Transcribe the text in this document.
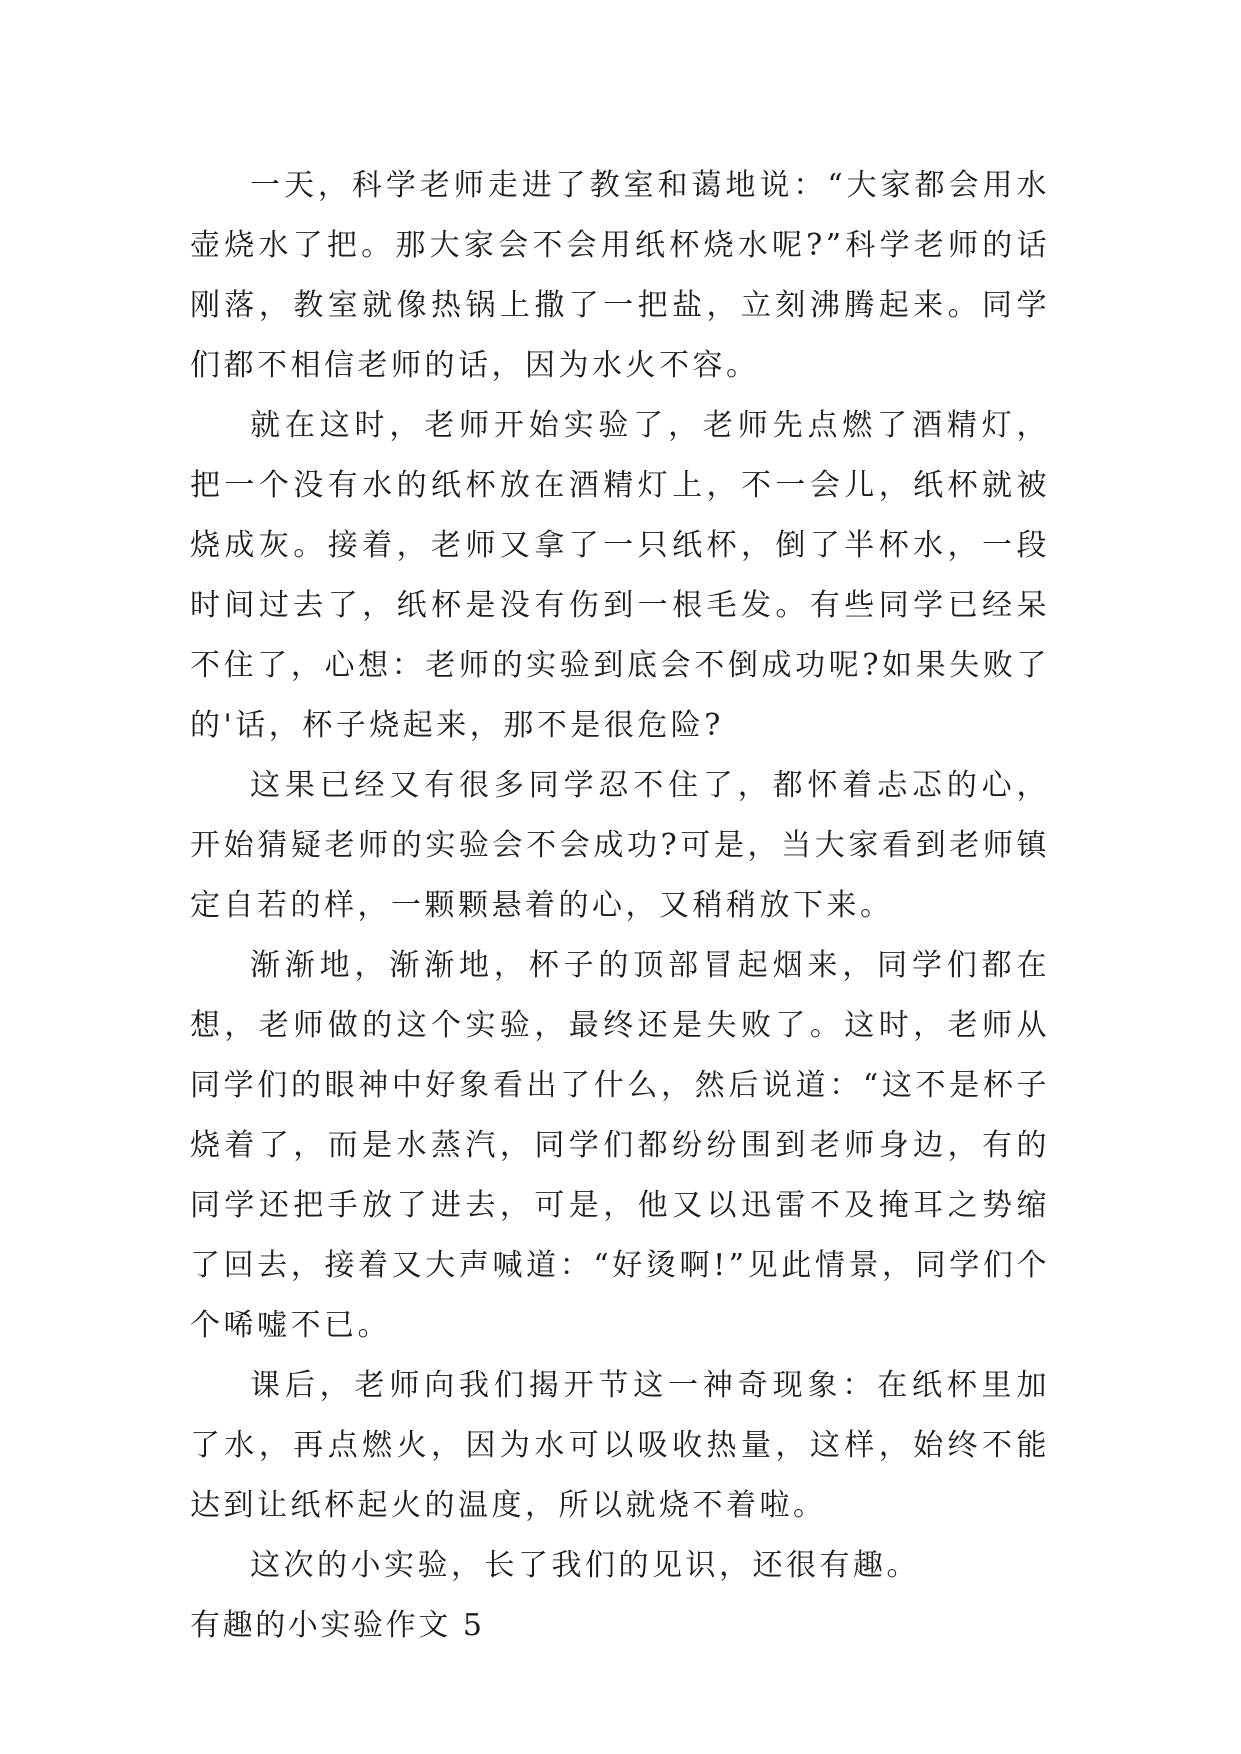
一天，科学老师走进了教室和蔼地说：“大家都会用水壶烧水了把。那大家会不会用纸杯烧水呢?”科学老师的话刚落，教室就像热锅上撒了一把盐，立刻沸腾起来。同学们都不相信老师的话，因为水火不容。

就在这时，老师开始实验了，老师先点燃了酒精灯，把一个没有水的纸杯放在酒精灯上，不一会儿，纸杯就被烧成灰。接着，老师又拿了一只纸杯，倒了半杯水，一段时间过去了，纸杯是没有伤到一根毛发。有些同学已经呆不住了，心想：老师的实验到底会不倒成功呢?如果失败了的'话，杯子烧起来，那不是很危险?

这果已经又有很多同学忍不住了，都怀着忐忑的心，开始猜疑老师的实验会不会成功?可是，当大家看到老师镇定自若的样，一颗颗悬着的心，又稍稍放下来。

渐渐地，渐渐地，杯子的顶部冒起烟来，同学们都在想，老师做的这个实验，最终还是失败了。这时，老师从同学们的眼神中好象看出了什么，然后说道：“这不是杯子烧着了，而是水蒸汽，同学们都纷纷围到老师身边，有的同学还把手放了进去，可是，他又以迅雷不及掩耳之势缩了回去，接着又大声喊道：“好烫啊!”见此情景，同学们个个唏嘘不已。

课后，老师向我们揭开节这一神奇现象：在纸杯里加了水，再点燃火，因为水可以吸收热量，这样，始终不能达到让纸杯起火的温度，所以就烧不着啦。

这次的小实验，长了我们的见识，还很有趣。

有趣的小实验作文 5
